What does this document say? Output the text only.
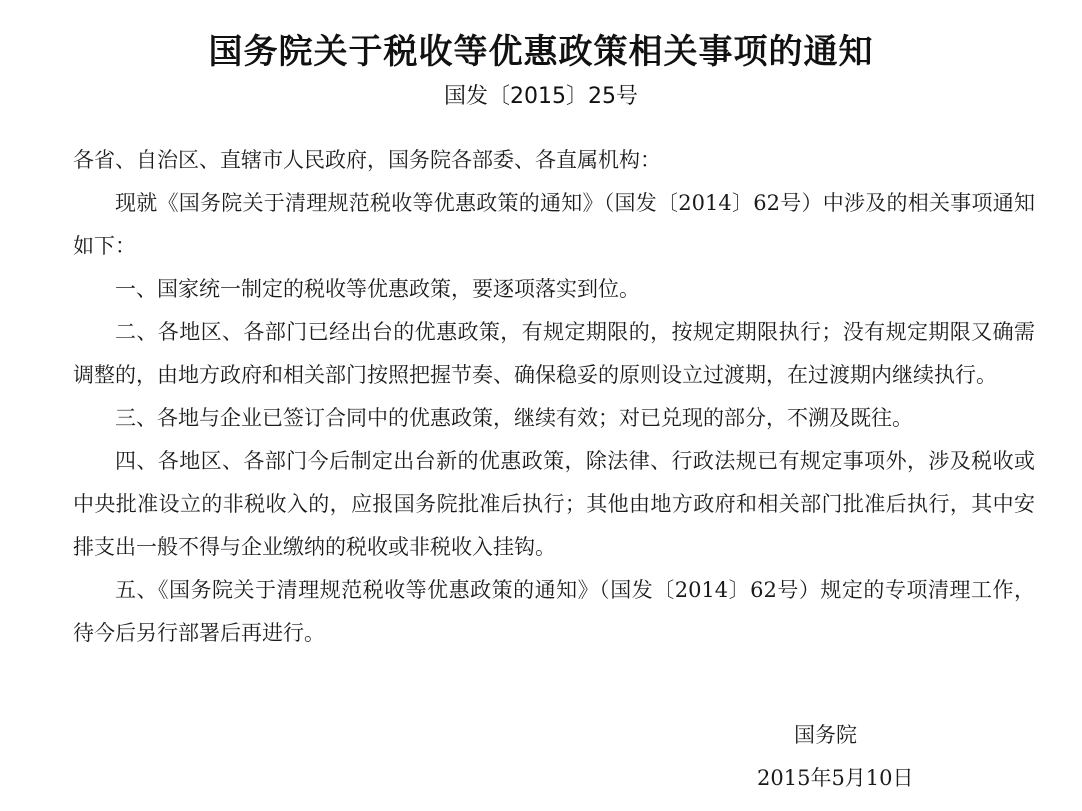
国务院关于税收等优惠政策相关事项的通知
国发〔2015〕25号

各省、自治区、直辖市人民政府，国务院各部委、各直属机构：

现就《国务院关于清理规范税收等优惠政策的通知》（国发〔2014〕62号）中涉及的相关事项通知如下：

一、国家统一制定的税收等优惠政策，要逐项落实到位。

二、各地区、各部门已经出台的优惠政策，有规定期限的，按规定期限执行；没有规定期限又确需调整的，由地方政府和相关部门按照把握节奏、确保稳妥的原则设立过渡期，在过渡期内继续执行。

三、各地与企业已签订合同中的优惠政策，继续有效；对已兑现的部分，不溯及既往。

四、各地区、各部门今后制定出台新的优惠政策，除法律、行政法规已有规定事项外，涉及税收或中央批准设立的非税收入的，应报国务院批准后执行；其他由地方政府和相关部门批准后执行，其中安排支出一般不得与企业缴纳的税收或非税收入挂钩。

五、《国务院关于清理规范税收等优惠政策的通知》（国发〔2014〕62号）规定的专项清理工作，待今后另行部署后再进行。

国务院
2015年5月10日
